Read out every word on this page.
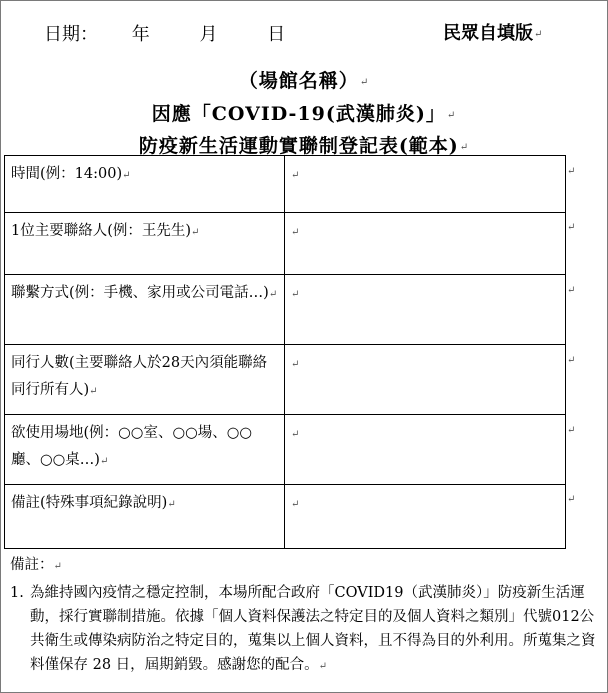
日期： 年	月	日	民眾自填版↵
（場館名稱）↵
因應「COVID-19(武漢肺炎)」↵
防疫新生活運動實聯制登記表(範本)↵
時間(例：14:00)↵	↵
1位主要聯絡人(例：王先生)↵	↵
聯繫方式(例：手機、家用或公司電話…)↵	↵
同行人數(主要聯絡人於28天內須能聯絡同行所有人)↵	↵
欲使用場地(例：○○室、○○場、○○廳、○○桌…)↵	↵
備註(特殊事項紀錄說明)↵	↵
↵
↵
↵
↵
↵
↵
備註：↵
1. 為維持國內疫情之穩定控制，本場所配合政府「COVID19（武漢肺炎）」防疫新生活運動，採行實聯制措施。依據「個人資料保護法之特定目的及個人資料之類別」代號012公共衛生或傳染病防治之特定目的，蒐集以上個人資料，且不得為目的外利用。所蒐集之資料僅保存 28 日，屆期銷毀。感謝您的配合。↵
